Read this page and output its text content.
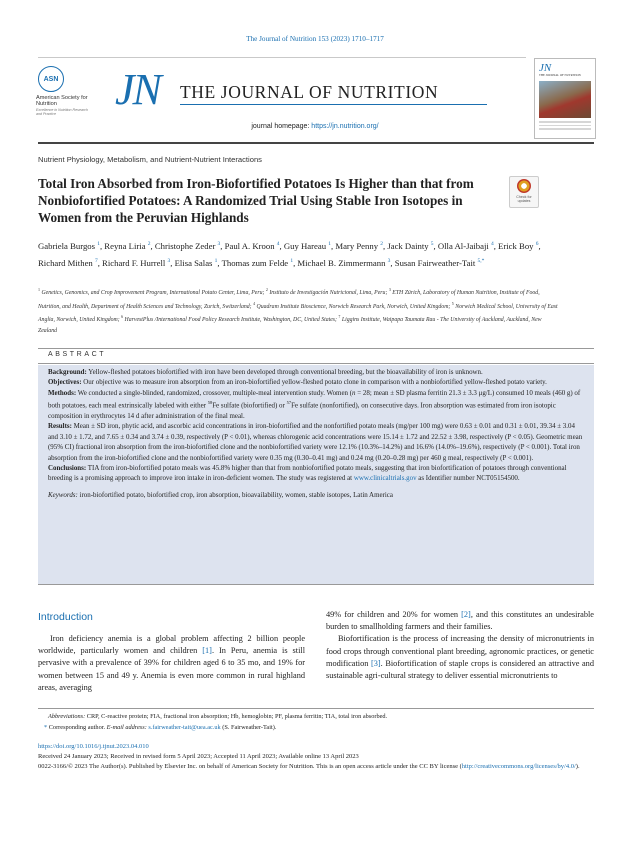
The Journal of Nutrition 153 (2023) 1710–1717
ASN
American Society for Nutrition
Excellence in Nutrition Research and Practice
JN THE JOURNAL OF NUTRITION
journal homepage: https://jn.nutrition.org/
JN
THE JOURNAL OF NUTRITION
Nutrient Physiology, Metabolism, and Nutrient-Nutrient Interactions
Total Iron Absorbed from Iron-Biofortified Potatoes Is Higher than that from Nonbiofortified Potatoes: A Randomized Trial Using Stable Iron Isotopes in Women from the Peruvian Highlands
Check for updates
Gabriela Burgos $^1$, Reyna Liria $^2$, Christophe Zeder $^3$, Paul A. Kroon $^4$, Guy Hareau $^1$, Mary Penny $^2$, Jack Dainty $^5$, Olla Al-Jaibaji $^4$, Erick Boy $^6$, Richard Mithen $^7$, Richard F. Hurrell $^3$, Elisa Salas $^1$, Thomas zum Felde $^1$, Michael B. Zimmermann $^3$, Susan Fairweather-Tait $^{5,*}$
$^1$ Genetics, Genomics, and Crop Improvement Program, International Potato Center, Lima, Peru; $^2$ Instituto de Investigación Nutricional, Lima, Peru; $^3$ ETH Zürich, Laboratory of Human Nutrition, Institute of Food, Nutrition, and Health, Department of Health Sciences and Technology, Zurich, Switzerland; $^4$ Quadram Institute Bioscience, Norwich Research Park, Norwich, United Kingdom; $^5$ Norwich Medical School, University of East Anglia, Norwich, United Kingdom; $^6$ HarvestPlus /International Food Policy Research Institute, Washington, DC, United States; $^7$ Liggins Institute, Waipapa Taumata Rau - The University of Auckland, Auckland, New Zealand
ABSTRACT

Background: Yellow-fleshed potatoes biofortified with iron have been developed through conventional breeding, but the bioavailability of iron is unknown.

Objectives: Our objective was to measure iron absorption from an iron-biofortified yellow-fleshed potato clone in comparison with a nonbiofortified yellow-fleshed potato variety.

Methods: We conducted a single-blinded, randomized, crossover, multiple-meal intervention study. Women (n = 28; mean ± SD plasma ferritin 21.3 ± 3.3 μg/L) consumed 10 meals (460 g) of both potatoes, each meal extrinsically labeled with either $^{58}$Fe sulfate (biofortified) or $^{57}$Fe sulfate (nonfortified), on consecutive days. Iron absorption was estimated from iron isotopic composition in erythrocytes 14 d after administration of the final meal.

Results: Mean ± SD iron, phytic acid, and ascorbic acid concentrations in iron-biofortified and the nonfortified potato meals (mg/per 100 mg) were 0.63 ± 0.01 and 0.31 ± 0.01, 39.34 ± 3.04 and 3.10 ± 1.72, and 7.65 ± 0.34 and 3.74 ± 0.39, respectively (P < 0.01), whereas chlorogenic acid concentrations were 15.14 ± 1.72 and 22.52 ± 3.98, respectively (P < 0.05). Geometric mean (95% CI) fractional iron absorption from the iron-biofortified clone and the nonbiofortified variety were 12.1% (10.3%–14.2%) and 16.6% (14.0%–19.6%), respectively (P < 0.001). Total iron absorption from the iron-biofortified clone and the nonbiofortified variety were 0.35 mg (0.30–0.41 mg) and 0.24 mg (0.20–0.28 mg) per 460 g meal, respectively (P < 0.001).

Conclusions: TIA from iron-biofortified potato meals was 45.8% higher than that from nonbiofortified potato meals, suggesting that iron biofortification of potatoes through conventional breeding is a promising approach to improve iron intake in iron-deficient women. The study was registered at www.clinicaltrials.gov as Identifier number NCT05154500.

Keywords: iron-biofortified potato, biofortified crop, iron absorption, bioavailability, women, stable isotopes, Latin America

Introduction

Iron deficiency anemia is a global problem affecting 2 billion people worldwide, particularly women and children [1]. In Peru, anemia is still pervasive with a prevalence of 39% for children aged 6 to 35 mo, and 19% for women between 15 and 49 y. Anemia is even more common in rural highland areas, averaging

49% for children and 20% for women [2], and this constitutes an undesirable burden to smallholding farmers and their families.

Biofortification is the process of increasing the density of micronutrients in food crops through conventional plant breeding, agronomic practices, or genetic modification [3]. Biofortification of staple crops is considered an attractive and sustainable agri-cultural strategy to deliver essential micronutrients to

Abbreviations: CRP, C-reactive protein; FIA, fractional iron absorption; Hb, hemoglobin; PF, plasma ferritin; TIA, total iron absorbed.
* Corresponding author. E-mail address: s.fairweather-tait@uea.ac.uk (S. Fairweather-Tait).
https://doi.org/10.1016/j.tjnut.2023.04.010
Received 24 January 2023; Received in revised form 5 April 2023; Accepted 11 April 2023; Available online 13 April 2023
0022-3166/© 2023 The Author(s). Published by Elsevier Inc. on behalf of American Society for Nutrition. This is an open access article under the CC BY license (http://creativecommons.org/licenses/by/4.0/).
